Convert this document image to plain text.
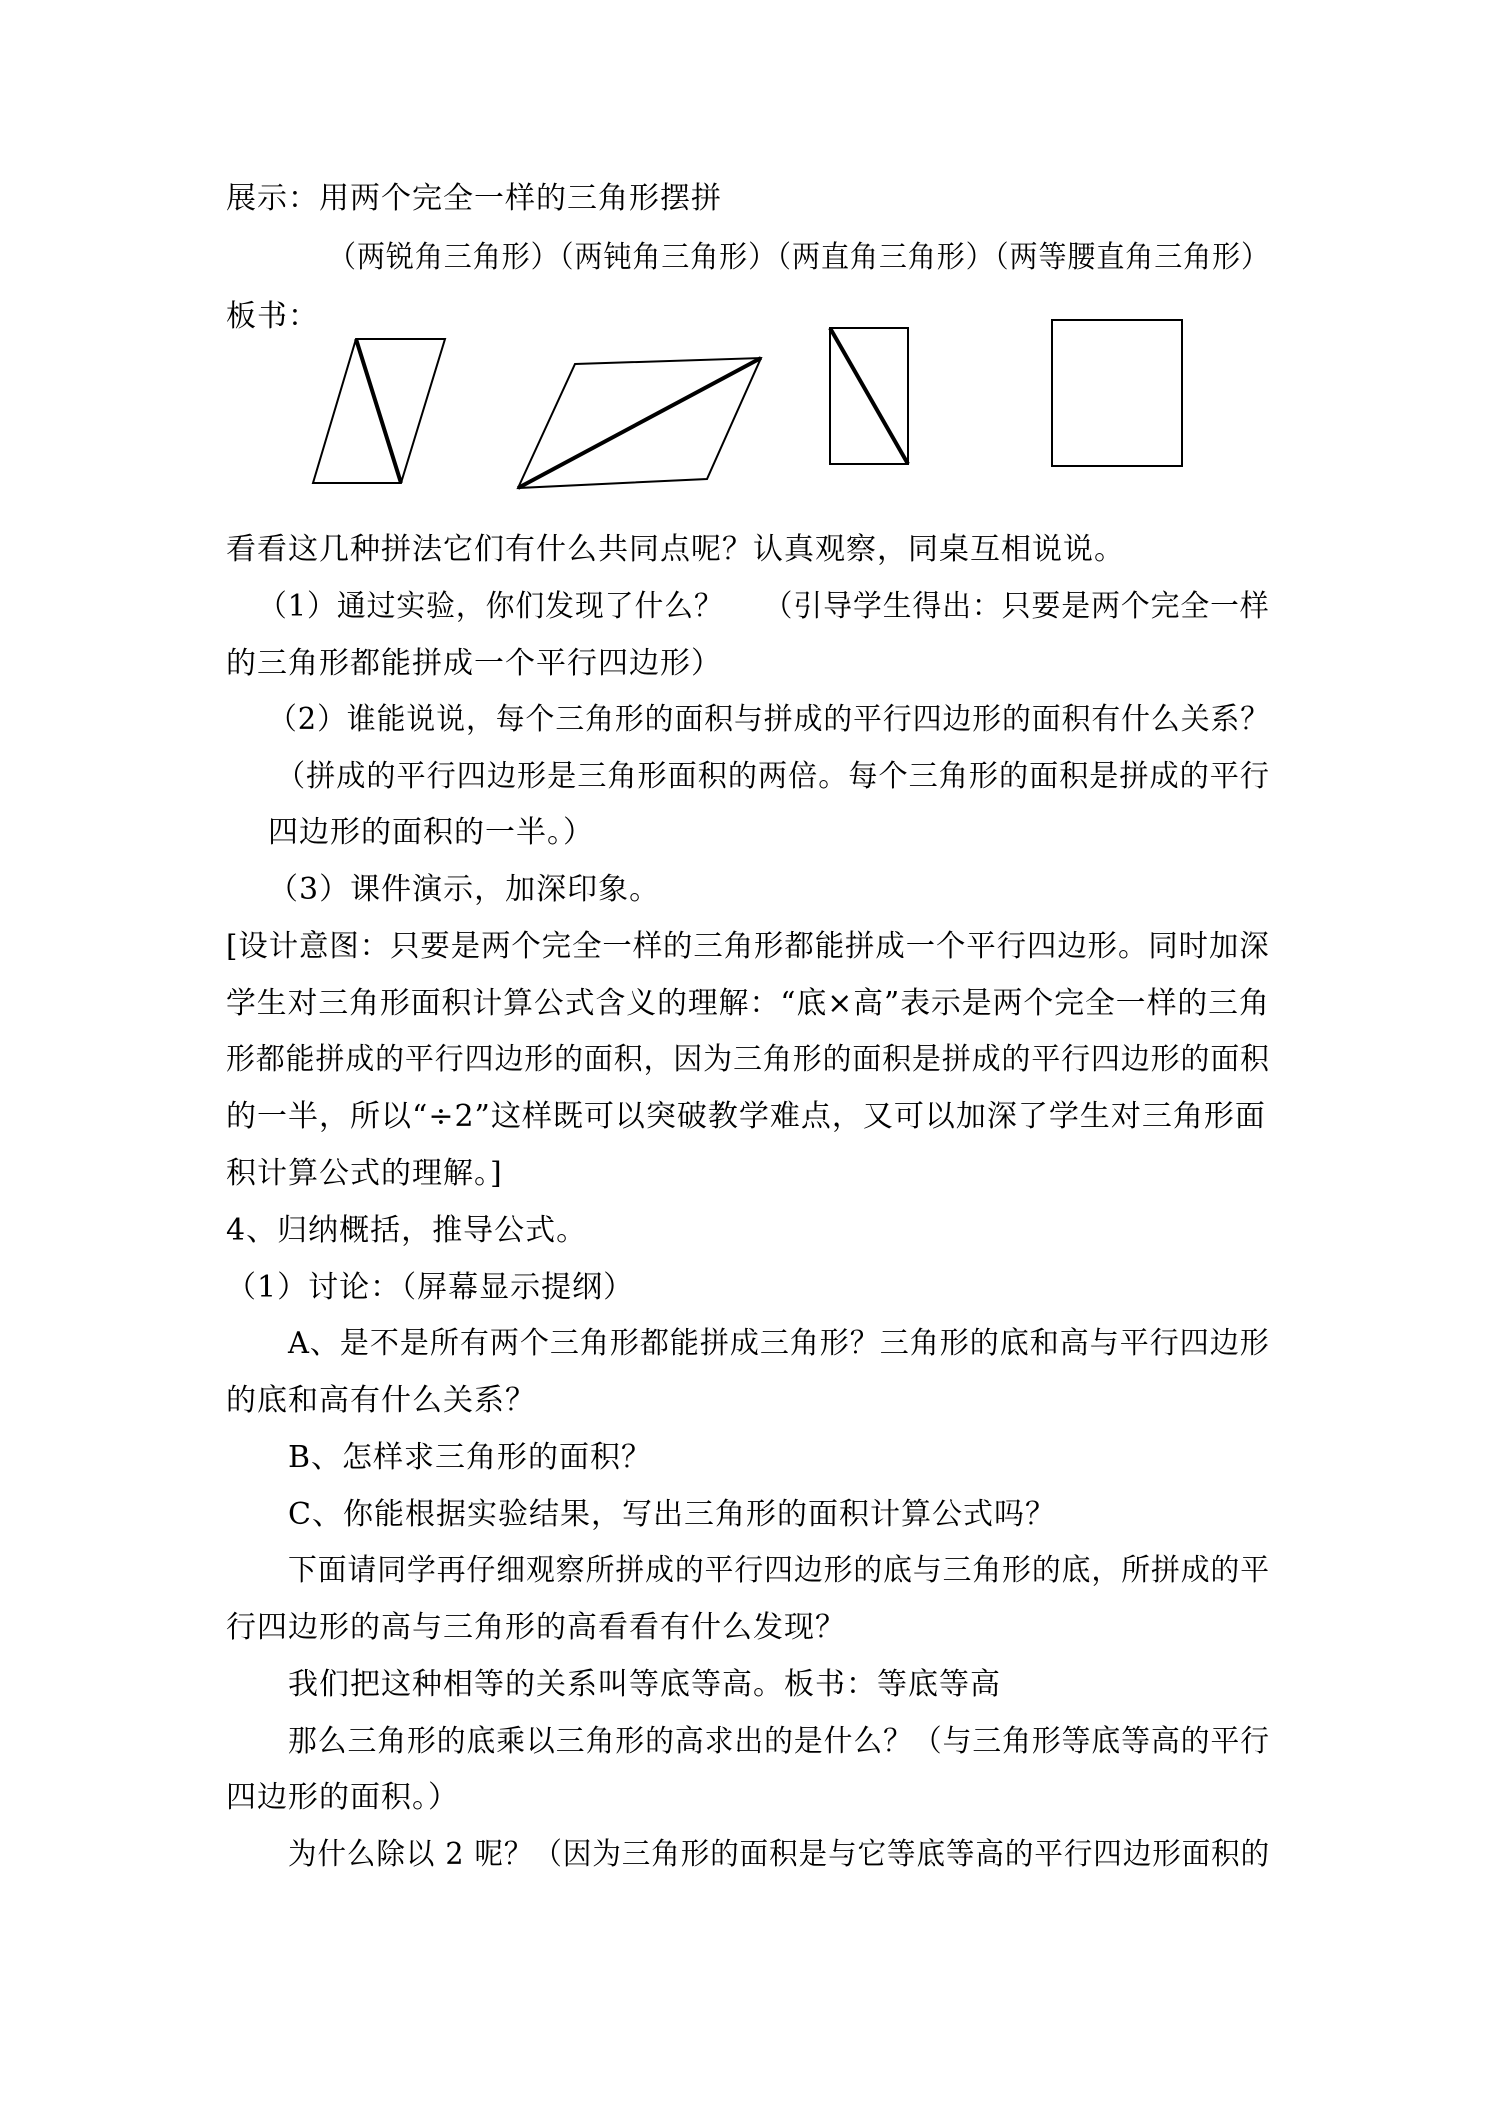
展示：用两个完全一样的三角形摆拼
（两锐角三角形）（两钝角三角形）（两直角三角形）（两等腰直角三角形）
板书：
看看这几种拼法它们有什么共同点呢？认真观察，同桌互相说说。
（1）通过实验，你们发现了什么？　 （引导学生得出：只要是两个完全一样
的三角形都能拼成一个平行四边形）
（2）谁能说说，每个三角形的面积与拼成的平行四边形的面积有什么关系？
（拼成的平行四边形是三角形面积的两倍。每个三角形的面积是拼成的平行
四边形的面积的一半。）
（3）课件演示，加深印象。
[设计意图：只要是两个完全一样的三角形都能拼成一个平行四边形。同时加深
学生对三角形面积计算公式含义的理解：“底×高”表示是两个完全一样的三角
形都能拼成的平行四边形的面积，因为三角形的面积是拼成的平行四边形的面积
的一半，所以“÷2”这样既可以突破教学难点，又可以加深了学生对三角形面
积计算公式的理解。]
4、归纳概括，推导公式。
（1）讨论：（屏幕显示提纲）
A、是不是所有两个三角形都能拼成三角形？三角形的底和高与平行四边形
的底和高有什么关系？
B、怎样求三角形的面积？
C、你能根据实验结果，写出三角形的面积计算公式吗？
下面请同学再仔细观察所拼成的平行四边形的底与三角形的底，所拼成的平
行四边形的高与三角形的高看看有什么发现？
我们把这种相等的关系叫等底等高。板书：等底等高
那么三角形的底乘以三角形的高求出的是什么？（与三角形等底等高的平行
四边形的面积。）
为什么除以 2 呢？（因为三角形的面积是与它等底等高的平行四边形面积的
